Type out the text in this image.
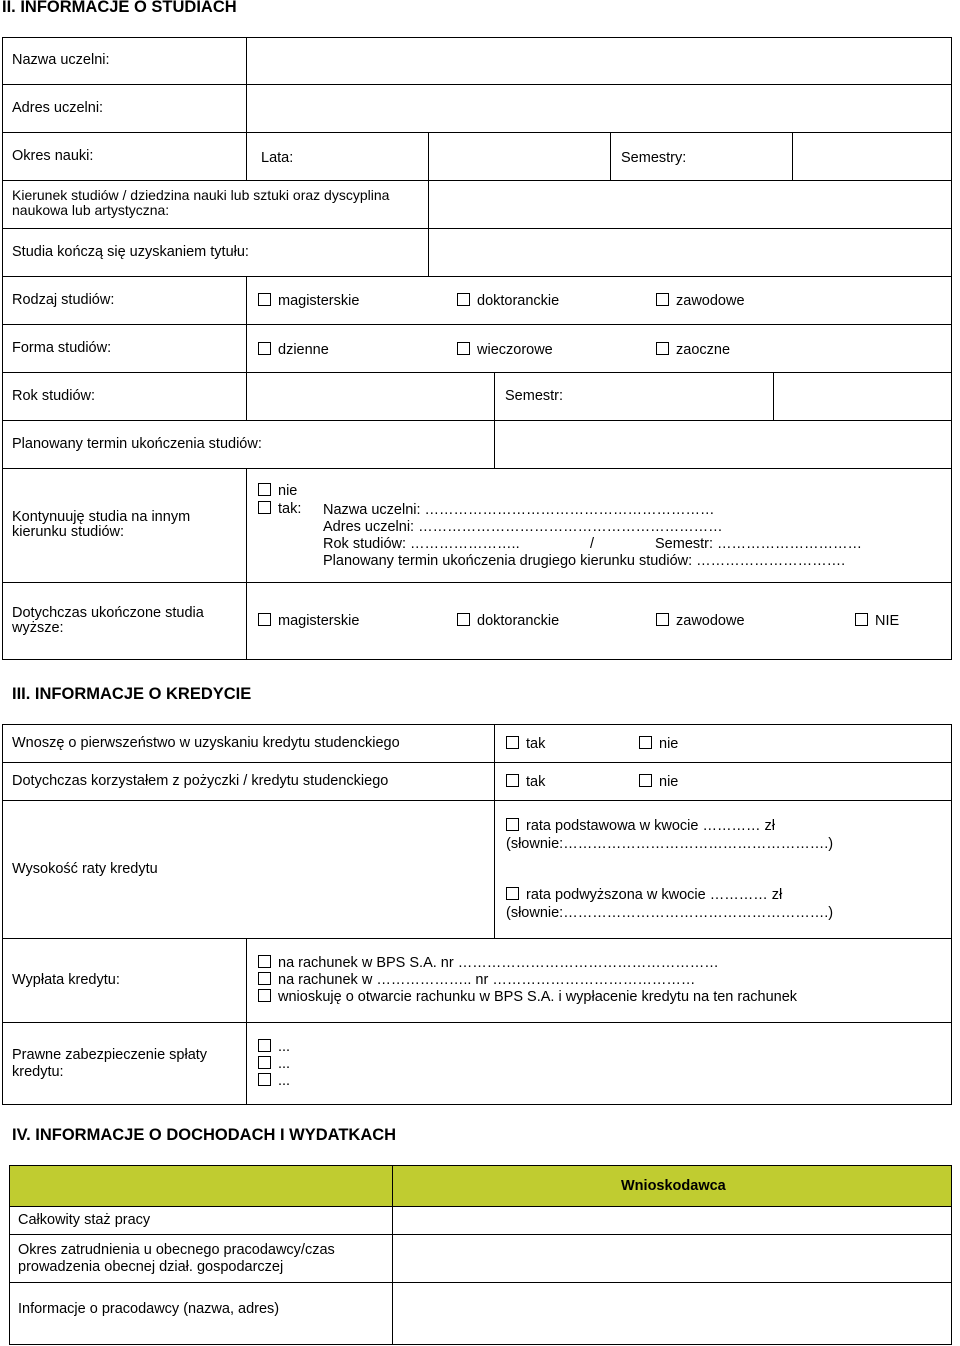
II. INFORMACJE O STUDIACH
Nazwa uczelni:
Adres uczelni:
Okres nauki:	Lata:	Semestry:
Kierunek studiów / dziedzina nauki lub sztuki oraz dyscyplina naukowa lub artystyczna:
Studia kończą się uzyskaniem tytułu:
Rodzaj studiów:	magisterskie	doktoranckie	zawodowe
Forma studiów:	dzienne	wieczorowe	zaoczne
Rok studiów:	Semestr:
Planowany termin ukończenia studiów:
Kontynuuję studia na innym kierunku studiów:
nie
tak: Nazwa uczelni: ……………………………………………………
Adres uczelni: ………………………………………………………
Rok studiów: …………………..	/	Semestr: …………………………
Planowany termin ukończenia drugiego kierunku studiów: ………………………….
Dotychczas ukończone studia wyższe:	magisterskie	doktoranckie	zawodowe	NIE
III. INFORMACJE O KREDYCIE
Wnoszę o pierwszeństwo w uzyskaniu kredytu studenckiego	tak	nie
Dotychczas korzystałem z pożyczki / kredytu studenckiego	tak	nie
Wysokość raty kredytu
rata podstawowa w kwocie ………… zł
(słownie:……………………………………………….)
rata podwyższona w kwocie ………… zł
(słownie:……………………………………………….)
Wypłata kredytu:
na rachunek w BPS S.A. nr ………………………………………………
na rachunek w ……………….. nr ……………………………………
wnioskuję o otwarcie rachunku w BPS S.A. i wypłacenie kredytu na ten rachunek
Prawne zabezpieczenie spłaty kredytu:
...
...
...
IV. INFORMACJE O DOCHODACH I WYDATKACH
Wnioskodawca
Całkowity staż pracy
Okres zatrudnienia u obecnego pracodawcy/czas prowadzenia obecnej dział. gospodarczej
Informacje o pracodawcy (nazwa, adres)
